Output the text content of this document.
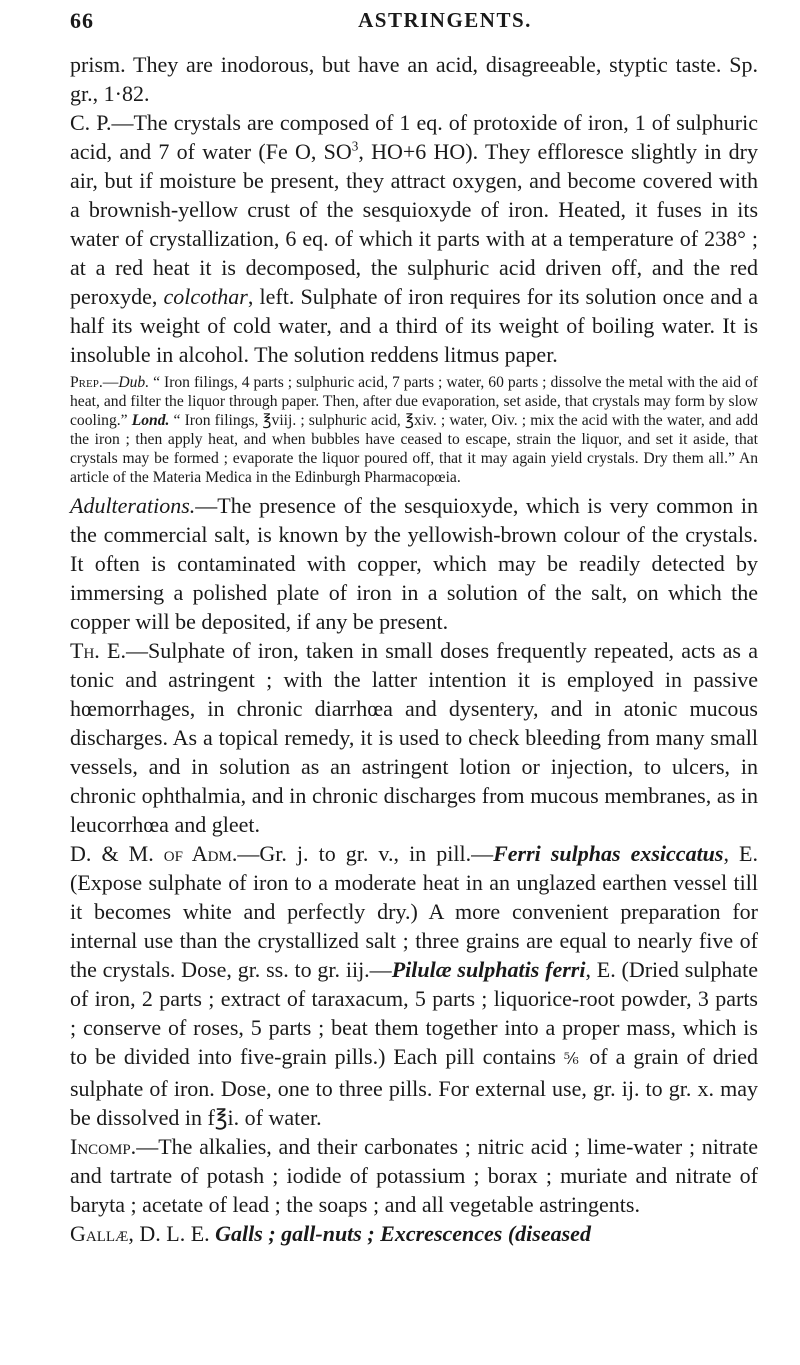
66	ASTRINGENTS.

prism. They are inodorous, but have an acid, disagreeable, styptic taste. Sp. gr., 1·82.

C. P.—The crystals are composed of 1 eq. of protoxide of iron, 1 of sulphuric acid, and 7 of water (Fe O, $SO^3$, HO+6 HO). They effloresce slightly in dry air, but if moisture be present, they attract oxygen, and become covered with a brownish-yellow crust of the sesquioxyde of iron. Heated, it fuses in its water of crystallization, 6 eq. of which it parts with at a temperature of 238° ; at a red heat it is decomposed, the sulphuric acid driven off, and the red peroxyde, colcothar, left. Sulphate of iron requires for its solution once and a half its weight of cold water, and a third of its weight of boiling water. It is insoluble in alcohol. The solution reddens litmus paper.

Prep.—Dub. “ Iron filings, 4 parts ; sulphuric acid, 7 parts ; water, 60 parts ; dissolve the metal with the aid of heat, and filter the liquor through paper. Then, after due evaporation, set aside, that crystals may form by slow cooling.” Lond. “ Iron filings, ℥viij. ; sulphuric acid, ℥xiv. ; water, Oiv. ; mix the acid with the water, and add the iron ; then apply heat, and when bubbles have ceased to escape, strain the liquor, and set it aside, that crystals may be formed ; evaporate the liquor poured off, that it may again yield crystals. Dry them all.” An article of the Materia Medica in the Edinburgh Pharmacopœia.

Adulterations.—The presence of the sesquioxyde, which is very common in the commercial salt, is known by the yellowish-brown colour of the crystals. It often is contaminated with copper, which may be readily detected by immersing a polished plate of iron in a solution of the salt, on which the copper will be deposited, if any be present.

Th. E.—Sulphate of iron, taken in small doses frequently repeated, acts as a tonic and astringent ; with the latter intention it is employed in passive hœmorrhages, in chronic diarrhœa and dysentery, and in atonic mucous discharges. As a topical remedy, it is used to check bleeding from many small vessels, and in solution as an astringent lotion or injection, to ulcers, in chronic ophthalmia, and in chronic discharges from mucous membranes, as in leucorrhœa and gleet.

D. & M. of Adm.—Gr. j. to gr. v., in pill.—Ferri sulphas exsiccatus, E. (Expose sulphate of iron to a moderate heat in an unglazed earthen vessel till it becomes white and perfectly dry.) A more convenient preparation for internal use than the crystallized salt ; three grains are equal to nearly five of the crystals. Dose, gr. ss. to gr. iij.—Pilulæ sulphatis ferri, E. (Dried sulphate of iron, 2 parts ; extract of taraxacum, 5 parts ; liquorice-root powder, 3 parts ; conserve of roses, 5 parts ; beat them together into a proper mass, which is to be divided into five-grain pills.) Each pill contains ⅚ of a grain of dried sulphate of iron. Dose, one to three pills. For external use, gr. ij. to gr. x. may be dissolved in f℥i. of water.

Incomp.—The alkalies, and their carbonates ; nitric acid ; lime-water ; nitrate and tartrate of potash ; iodide of potassium ; borax ; muriate and nitrate of baryta ; acetate of lead ; the soaps ; and all vegetable astringents.

Gallæ, D. L. E. Galls ; gall-nuts ; Excrescences (diseased
